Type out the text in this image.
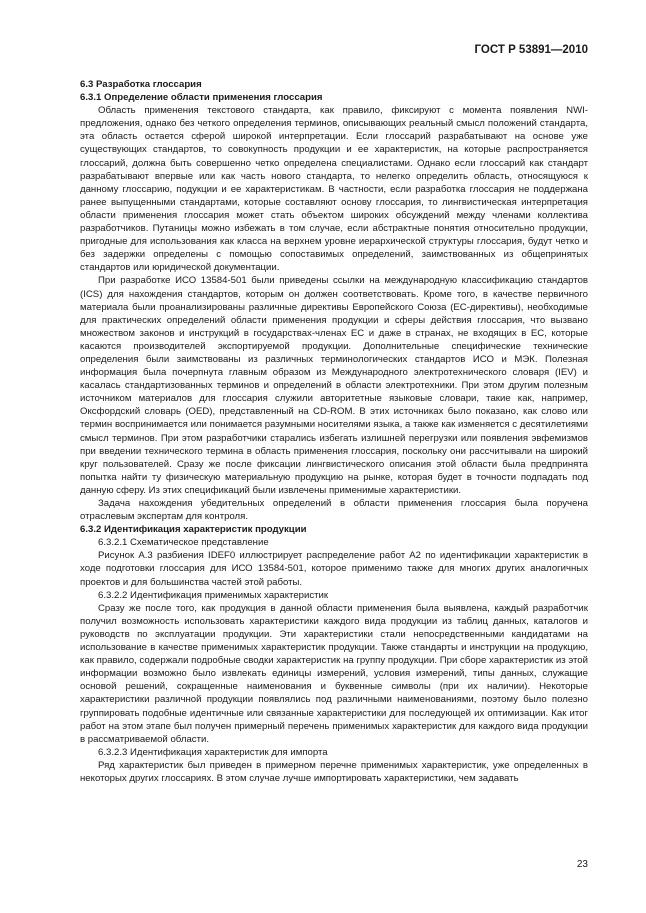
ГОСТ Р 53891—2010

6.3 Разработка глоссария

6.3.1 Определение области применения глоссария

Область применения текстового стандарта, как правило, фиксируют с момента появления NWI-предложения, однако без четкого определения терминов, описывающих реальный смысл положений стандарта, эта область остается сферой широкой интерпретации. Если глоссарий разрабатывают на основе уже существующих стандартов, то совокупность продукции и ее характеристик, на которые распространяется глоссарий, должна быть совершенно четко определена специалистами. Однако если глоссарий как стандарт разрабатывают впервые или как часть нового стандарта, то нелегко определить область, относящуюся к данному глоссарию, подукции и ее характеристикам. В частности, если разработка глоссария не поддержана ранее выпущенными стандартами, которые составляют основу глоссария, то лингвистическая интерпретация области применения глоссария может стать объектом широких обсуждений между членами коллектива разработчиков. Путаницы можно избежать в том случае, если абстрактные понятия относительно продукции, пригодные для использования как класса на верхнем уровне иерархической структуры глоссария, будут четко и без задержки определены с помощью сопоставимых определений, заимствованных из общепринятых стандартов или юридической документации.

При разработке ИСО 13584-501 были приведены ссылки на международную классификацию стандартов (ICS) для нахождения стандартов, которым он должен соответствовать. Кроме того, в качестве первичного материала были проанализированы различные директивы Европейского Союза (ЕС-директивы), необходимые для практических определений области применения продукции и сферы действия глоссария, что вызвано множеством законов и инструкций в государствах-членах ЕС и даже в странах, не входящих в ЕС, которые касаются производителей экспортируемой продукции. Дополнительные специфические технические определения были заимствованы из различных терминологических стандартов ИСО и МЭК. Полезная информация была почерпнута главным образом из Международного электротехнического словаря (IEV) и касалась стандартизованных терминов и определений в области электротехники. При этом другим полезным источником материалов для глоссария служили авторитетные языковые словари, такие как, например, Оксфордский словарь (OED), представленный на CD-ROM. В этих источниках было показано, как слово или термин воспринимается или понимается разумными носителями языка, а также как изменяется с десятилетиями смысл терминов. При этом разработчики старались избегать излишней перегрузки или появления эвфемизмов при введении технического термина в область применения глоссария, поскольку они рассчитывали на широкий круг пользователей. Сразу же после фиксации лингвистического описания этой области была предпринята попытка найти ту физическую материальную продукцию на рынке, которая будет в точности подпадать под данную сферу. Из этих спецификаций были извлечены применимые характеристики.

Задача нахождения убедительных определений в области применения глоссария была поручена отраслевым экспертам для контроля.

6.3.2 Идентификация характеристик продукции

6.3.2.1 Схематическое представление

Рисунок А.3 разбиения IDEF0 иллюстрирует распределение работ А2 по идентификации характеристик в ходе подготовки глоссария для ИСО 13584-501, которое применимо также для многих других аналогичных проектов и для большинства частей этой работы.

6.3.2.2 Идентификация применимых характеристик

Сразу же после того, как продукция в данной области применения была выявлена, каждый разработчик получил возможность использовать характеристики каждого вида продукции из таблиц данных, каталогов и руководств по эксплуатации продукции. Эти характеристики стали непосредственными кандидатами на использование в качестве применимых характеристик продукции. Также стандарты и инструкции на продукцию, как правило, содержали подробные сводки характеристик на группу продукции. При сборе характеристик из этой информации возможно было извлекать единицы измерений, условия измерений, типы данных, служащие основой решений, сокращенные наименования и буквенные символы (при их наличии). Некоторые характеристики различной продукции появлялись под различными наименованиями, поэтому было полезно группировать подобные идентичные или связанные характеристики для последующей их оптимизации. Как итог работ на этом этапе был получен примерный перечень применимых характеристик для каждого вида продукции в рассматриваемой области.

6.3.2.3 Идентификация характеристик для импорта

Ряд характеристик был приведен в примерном перечне применимых характеристик, уже определенных в некоторых других глоссариях. В этом случае лучше импортировать характеристики, чем задавать

23
